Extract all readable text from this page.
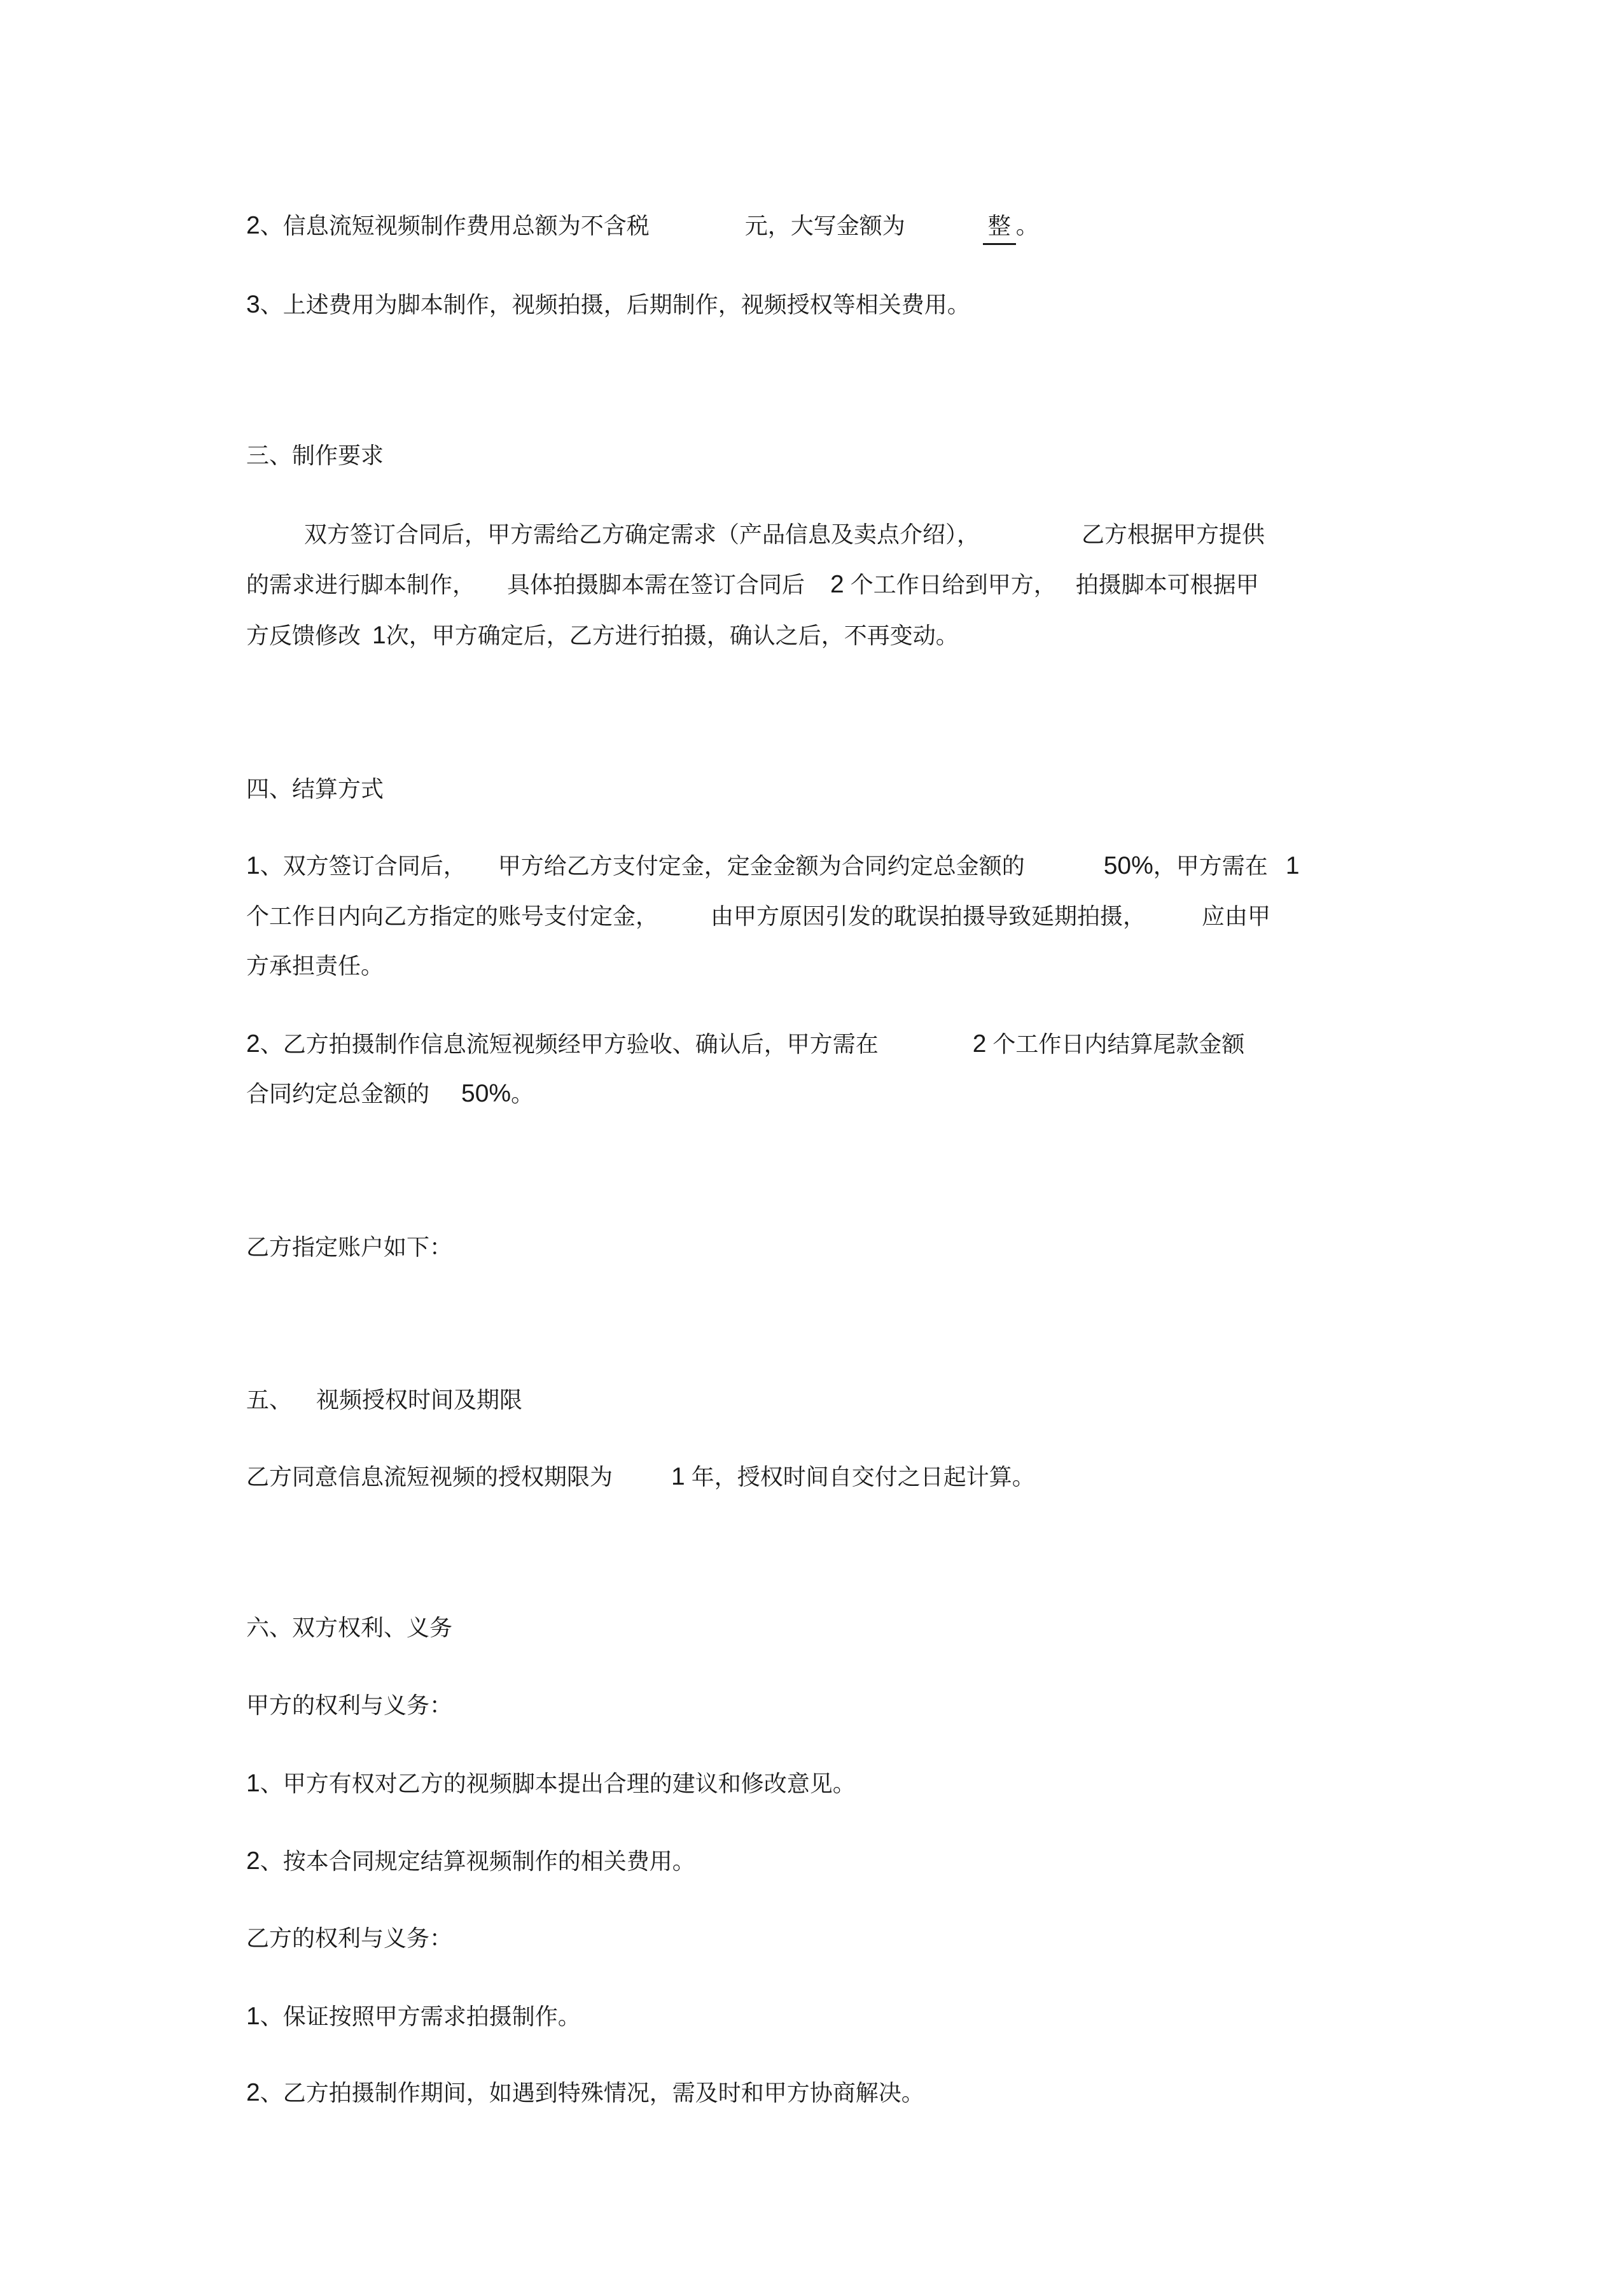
2、信息流短视频制作费用总额为不含税	元，大写金额为	整 。
3、上述费用为脚本制作，视频拍摄，后期制作，视频授权等相关费用。
三、制作要求
双方签订合同后，甲方需给乙方确定需求（产品信息及卖点介绍），	乙方根据甲方提供
的需求进行脚本制作， 具体拍摄脚本需在签订合同后 2 个工作日给到甲方， 拍摄脚本可根据甲
方反馈修改 1次，甲方确定后，乙方进行拍摄，确认之后，不再变动。
四、结算方式
1、双方签订合同后， 甲方给乙方支付定金，定金金额为合同约定总金额的	50%，甲方需在 1
个工作日内向乙方指定的账号支付定金， 由甲方原因引发的耽误拍摄导致延期拍摄， 应由甲
方承担责任。
2、乙方拍摄制作信息流短视频经甲方验收、确认后，甲方需在	2 个工作日内结算尾款金额
合同约定总金额的 50%。
乙方指定账户如下：
五、 视频授权时间及期限
乙方同意信息流短视频的授权期限为 1 年，授权时间自交付之日起计算。
六、双方权利、义务
甲方的权利与义务：
1、甲方有权对乙方的视频脚本提出合理的建议和修改意见。
2、按本合同规定结算视频制作的相关费用。
乙方的权利与义务：
1、保证按照甲方需求拍摄制作。
2、乙方拍摄制作期间，如遇到特殊情况，需及时和甲方协商解决。
